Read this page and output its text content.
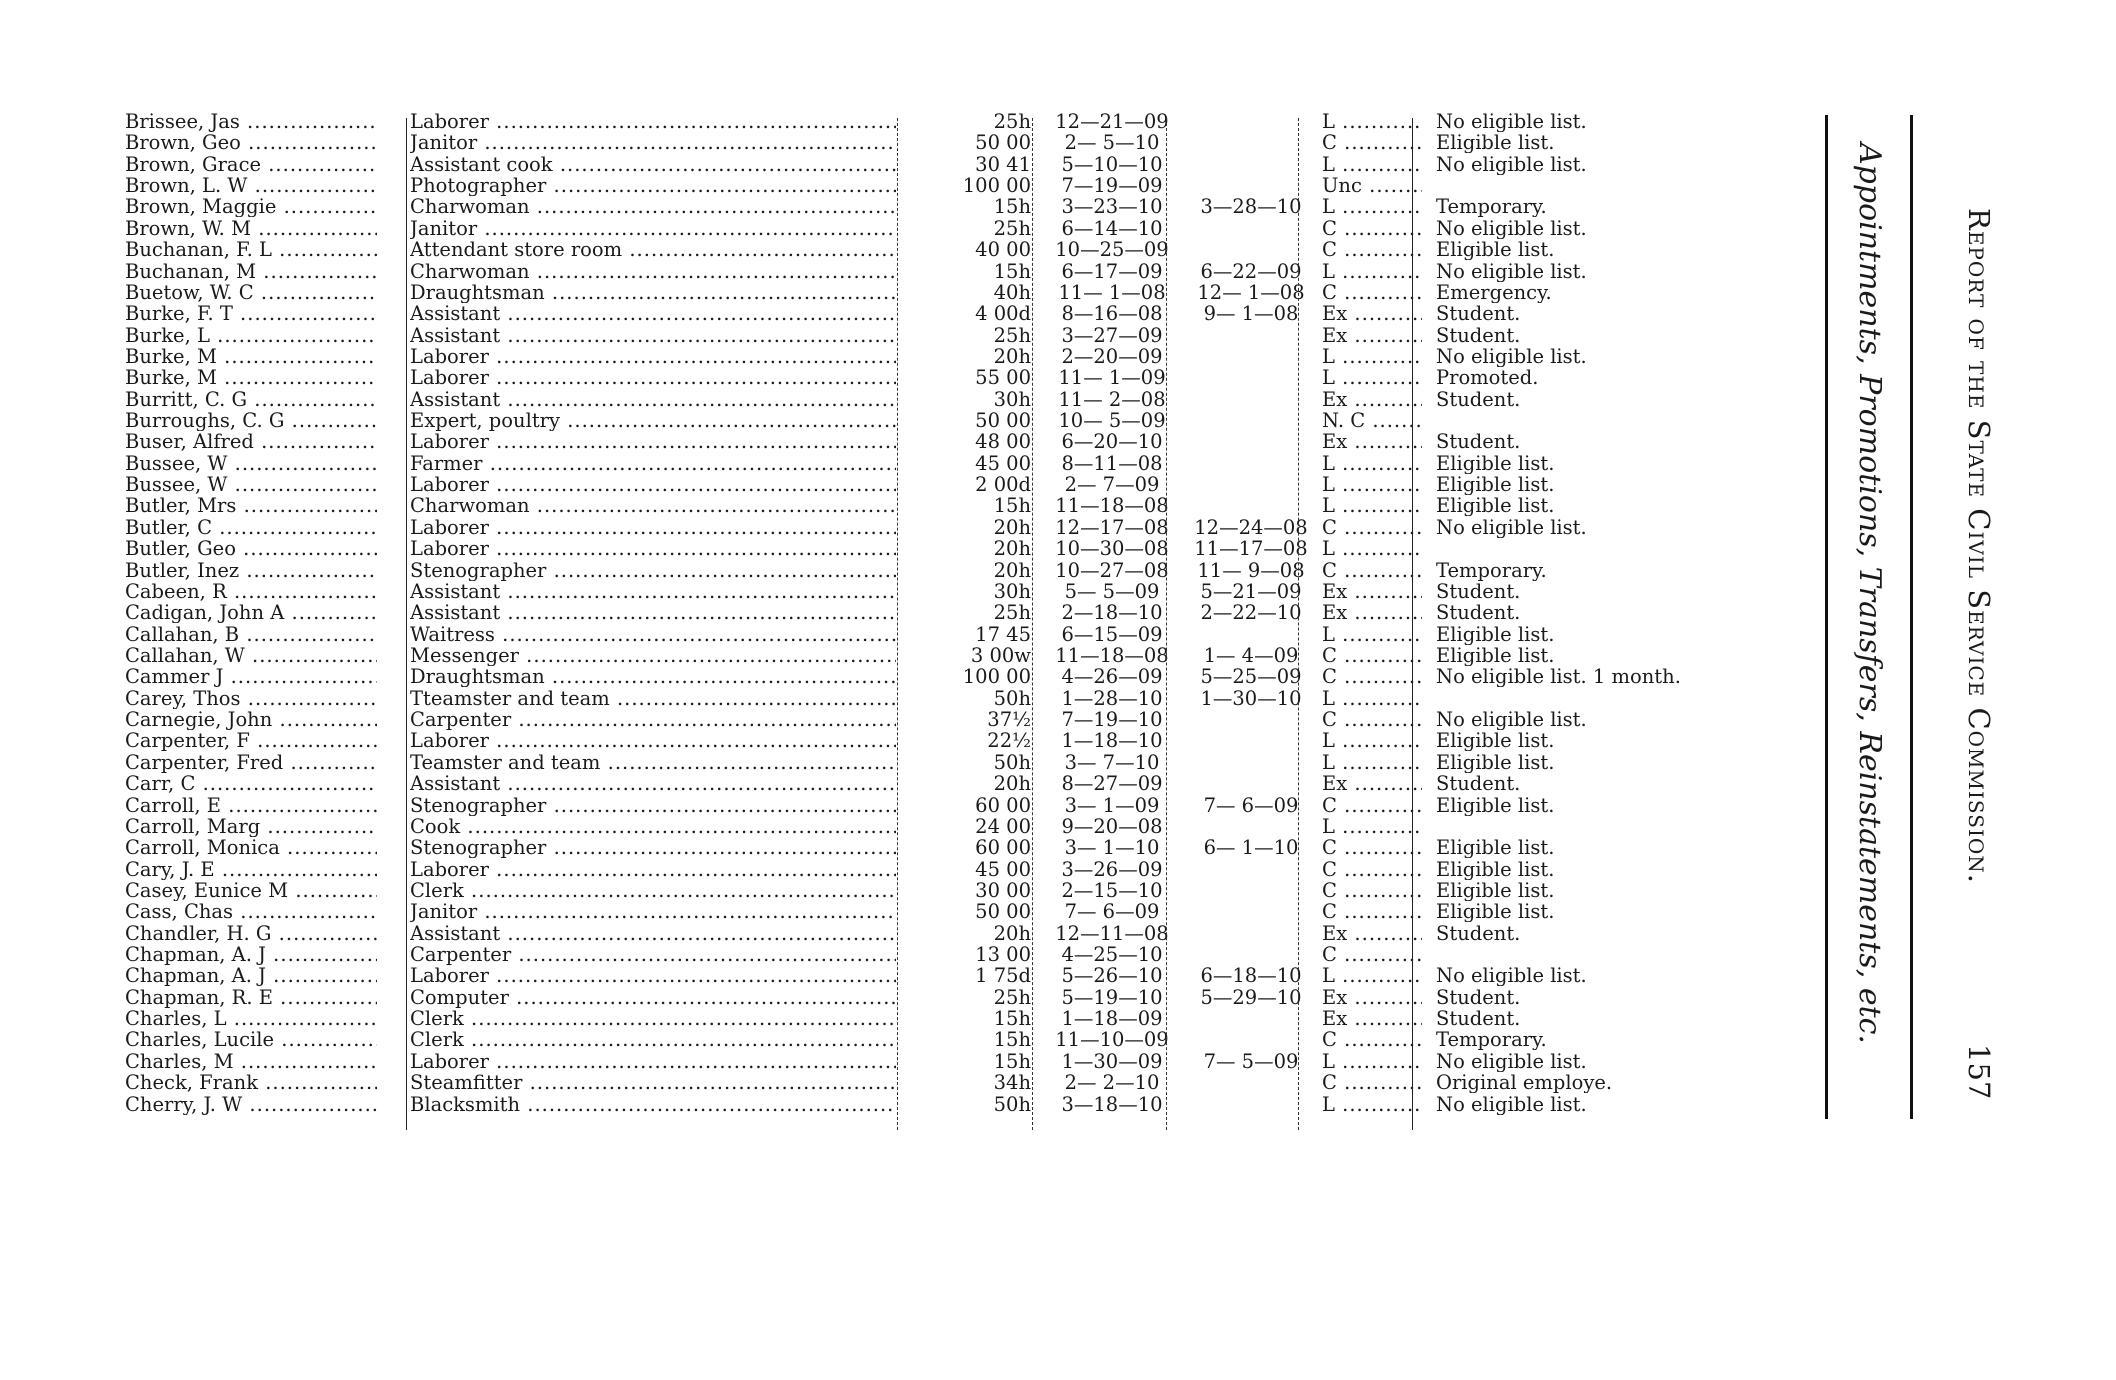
Brissee, Jas .....	Laborer .....	25h	12—21—09	L .....	No eligible list.
Brown, Geo .....	Janitor .....	50 00	2— 5—10	C .....	Eligible list.
Brown, Grace .....	Assistant cook .....	30 41	5—10—10	L .....	No eligible list.
Brown, L. W .....	Photographer .....	100 00	7—19—09	Unc .....
Brown, Maggie .....	Charwoman .....	15h	3—23—10	3—28—10	L .....	Temporary.
Brown, W. M .....	Janitor .....	25h	6—14—10	C .....	No eligible list.
Buchanan, F. L .....	Attendant store room .....	40 00	10—25—09	C .....	Eligible list.
Buchanan, M .....	Charwoman .....	15h	6—17—09	6—22—09	L .....	No eligible list.
Buetow, W. C .....	Draughtsman .....	40h	11— 1—08	12— 1—08 C .....	Emergency.
Burke, F. T .....	Assistant .....	4 00d	8—16—08	9— 1—08	Ex .....	Student.
Burke, L .....	Assistant .....	25h	3—27—09	Ex .....	Student.
Burke, M .....	Laborer .....	20h	2—20—09	L .....	No eligible list.
Burke, M .....	Laborer .....	55 00	11— 1—09	L .....	Promoted.
Burritt, C. G .....	Assistant .....	30h	11— 2—08	Ex .....	Student.
Burroughs, C. G .....	Expert, poultry .....	50 00	10— 5—09	N. C .....
Buser, Alfred .....	Laborer .....	48 00	6—20—10	Ex .....	Student.
Bussee, W .....	Farmer .....	45 00	8—11—08	L .....	Eligible list.
Bussee, W .....	Laborer .....	2 00d	2— 7—09	L .....	Eligible list.
Butler, Mrs .....	Charwoman .....	15h	11—18—08	L .....	Eligible list.
Butler, C .....	Laborer .....	20h	12—17—08	12—24—08 C .....	No eligible list.
Butler, Geo .....	Laborer .....	20h	10—30—08	11—17—08 L .....
Butler, Inez .....	Stenographer .....	20h	10—27—08	11— 9—08 C .....	Temporary.
Cabeen, R .....	Assistant .....	30h	5— 5—09	5—21—09	Ex .....	Student.
Cadigan, John A .....	Assistant .....	25h	2—18—10	2—22—10	Ex .....	Student.
Callahan, B .....	Waitress .....	17 45	6—15—09	L .....	Eligible list.
Callahan, W .....	Messenger .....	3 00w	11—18—08	1— 4—09	C .....	Eligible list.
Cammer J .....	Draughtsman .....	100 00	4—26—09	5—25—09	C .....	No eligible list. 1 month.
Carey, Thos .....	Tteamster and team .....	50h	1—28—10	1—30—10	L .....
Carnegie, John .....	Carpenter .....	37½	7—19—10	C .....	No eligible list.
Carpenter, F .....	Laborer .....	22½	1—18—10	L .....	Eligible list.
Carpenter, Fred .....	Teamster and team .....	50h	3— 7—10	L .....	Eligible list.
Carr, C .....	Assistant .....	20h	8—27—09	Ex .....	Student.
Carroll, E .....	Stenographer .....	60 00	3— 1—09	7— 6—09	C .....	Eligible list.
Carroll, Marg .....	Cook .....	24 00	9—20—08	L .....
Carroll, Monica .....	Stenographer .....	60 00	3— 1—10	6— 1—10	C .....	Eligible list.
Cary, J. E .....	Laborer .....	45 00	3—26—09	C .....	Eligible list.
Casey, Eunice M .....	Clerk .....	30 00	2—15—10	C .....	Eligible list.
Cass, Chas .....	Janitor .....	50 00	7— 6—09	C .....	Eligible list.
Chandler, H. G .....	Assistant .....	20h	12—11—08	Ex .....	Student.
Chapman, A. J .....	Carpenter .....	13 00	4—25—10	C .....
Chapman, A. J .....	Laborer .....	1 75d	5—26—10	6—18—10	L .....	No eligible list.
Chapman, R. E .....	Computer .....	25h	5—19—10	5—29—10	Ex .....	Student.
Charles, L .....	Clerk .....	15h	1—18—09	Ex .....	Student.
Charles, Lucile .....	Clerk .....	15h	11—10—09	C .....	Temporary.
Charles, M .....	Laborer .....	15h	1—30—09	7— 5—09	L .....	No eligible list.
Check, Frank .....	Steamfitter .....	34h	2— 2—10	C .....	Original employe.
Cherry, J. W .....	Blacksmith .....	50h	3—18—10	L .....	No eligible list.
Appointments, Promotions, Transfers, Reinstatements, etc.	Report of the State Civil Service Commission.
157
